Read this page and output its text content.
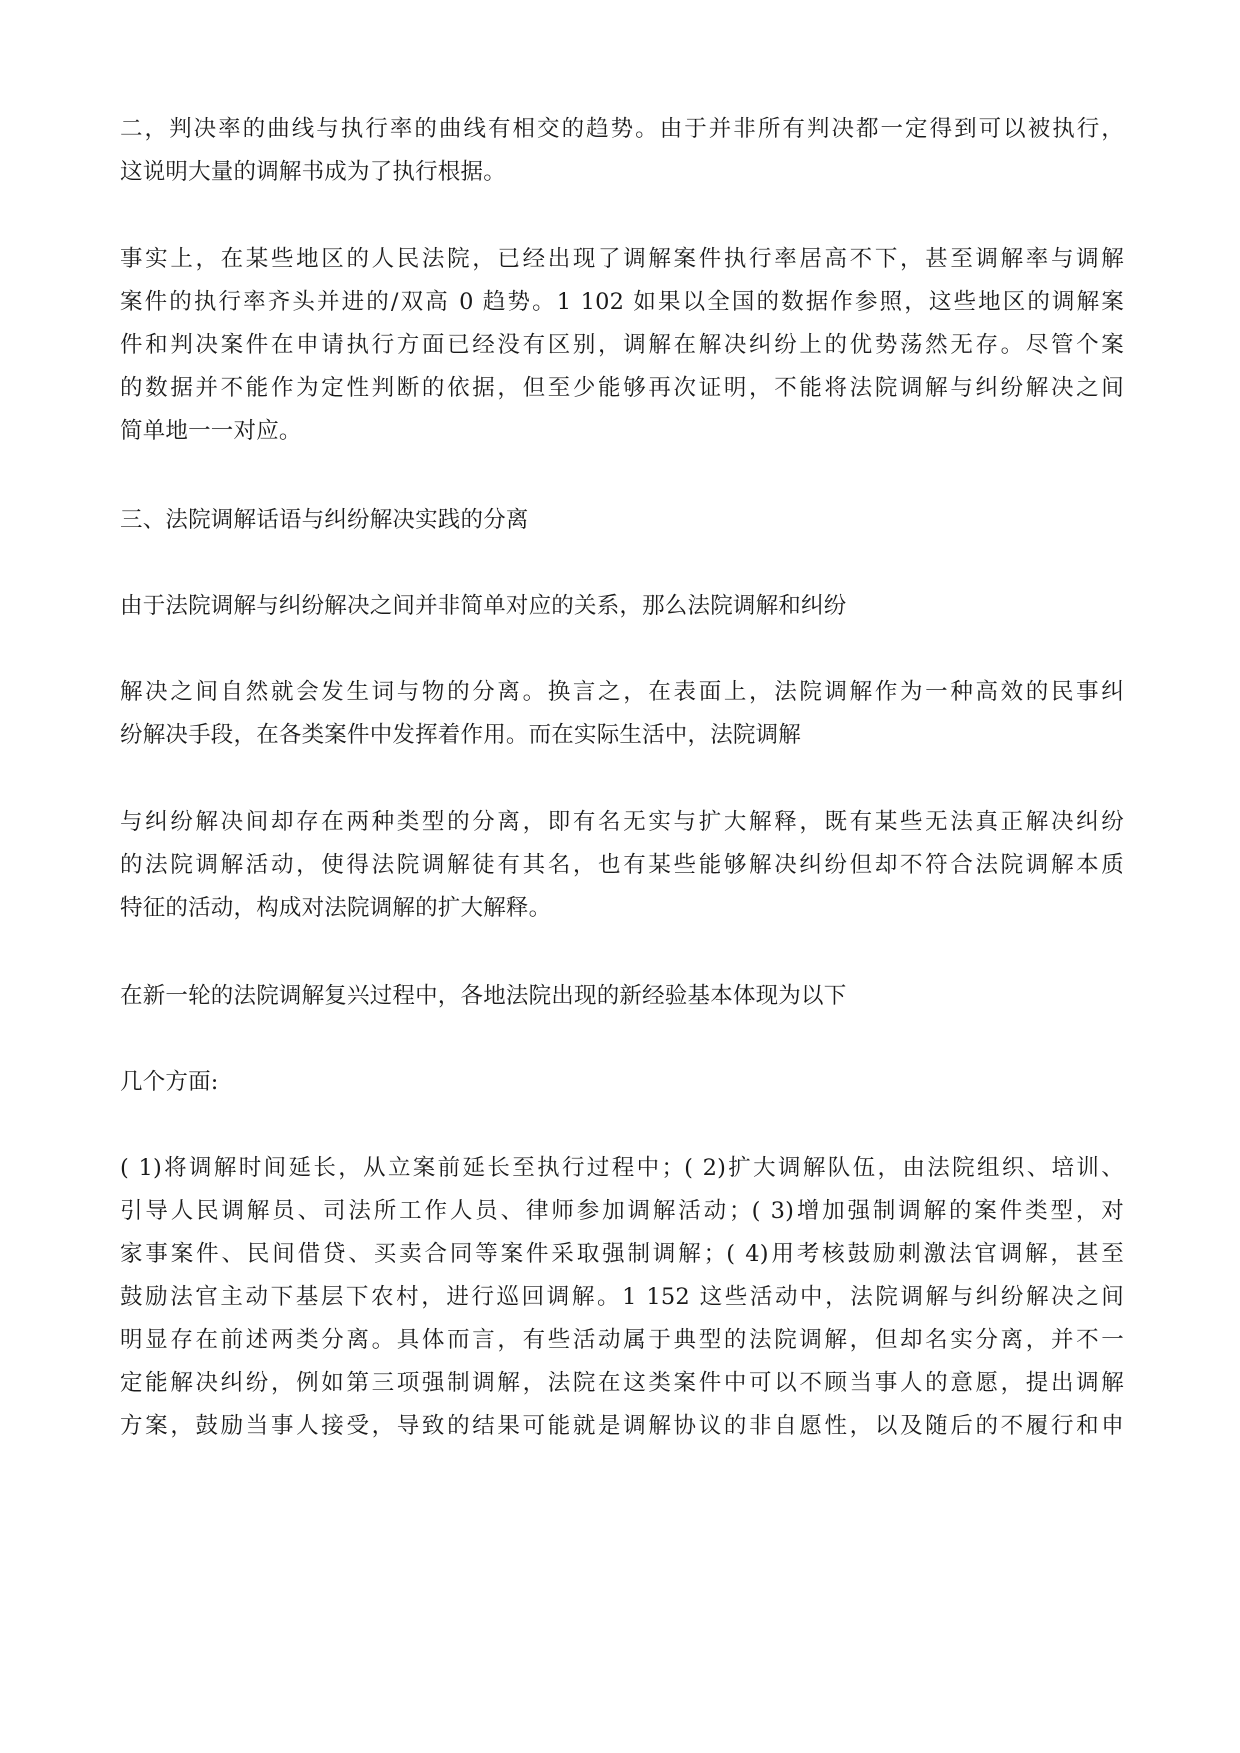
二，判决率的曲线与执行率的曲线有相交的趋势。由于并非所有判决都一定得到可以被执行，
这说明大量的调解书成为了执行根据。
事实上，在某些地区的人民法院，已经出现了调解案件执行率居高不下，甚至调解率与调解
案件的执行率齐头并进的/双高 0 趋势。1 102 如果以全国的数据作参照，这些地区的调解案
件和判决案件在申请执行方面已经没有区别，调解在解决纠纷上的优势荡然无存。尽管个案
的数据并不能作为定性判断的依据，但至少能够再次证明，不能将法院调解与纠纷解决之间
简单地一一对应。
三、法院调解话语与纠纷解决实践的分离
由于法院调解与纠纷解决之间并非简单对应的关系，那么法院调解和纠纷
解决之间自然就会发生词与物的分离。换言之，在表面上，法院调解作为一种高效的民事纠
纷解决手段，在各类案件中发挥着作用。而在实际生活中，法院调解
与纠纷解决间却存在两种类型的分离，即有名无实与扩大解释，既有某些无法真正解决纠纷
的法院调解活动，使得法院调解徒有其名，也有某些能够解决纠纷但却不符合法院调解本质
特征的活动，构成对法院调解的扩大解释。
在新一轮的法院调解复兴过程中，各地法院出现的新经验基本体现为以下
几个方面:
( 1)将调解时间延长，从立案前延长至执行过程中；( 2)扩大调解队伍，由法院组织、培训、
引导人民调解员、司法所工作人员、律师参加调解活动；( 3)增加强制调解的案件类型，对
家事案件、民间借贷、买卖合同等案件采取强制调解；( 4)用考核鼓励刺激法官调解，甚至
鼓励法官主动下基层下农村，进行巡回调解。1 152 这些活动中，法院调解与纠纷解决之间
明显存在前述两类分离。具体而言，有些活动属于典型的法院调解，但却名实分离，并不一
定能解决纠纷，例如第三项强制调解，法院在这类案件中可以不顾当事人的意愿，提出调解
方案，鼓励当事人接受，导致的结果可能就是调解协议的非自愿性，以及随后的不履行和申
